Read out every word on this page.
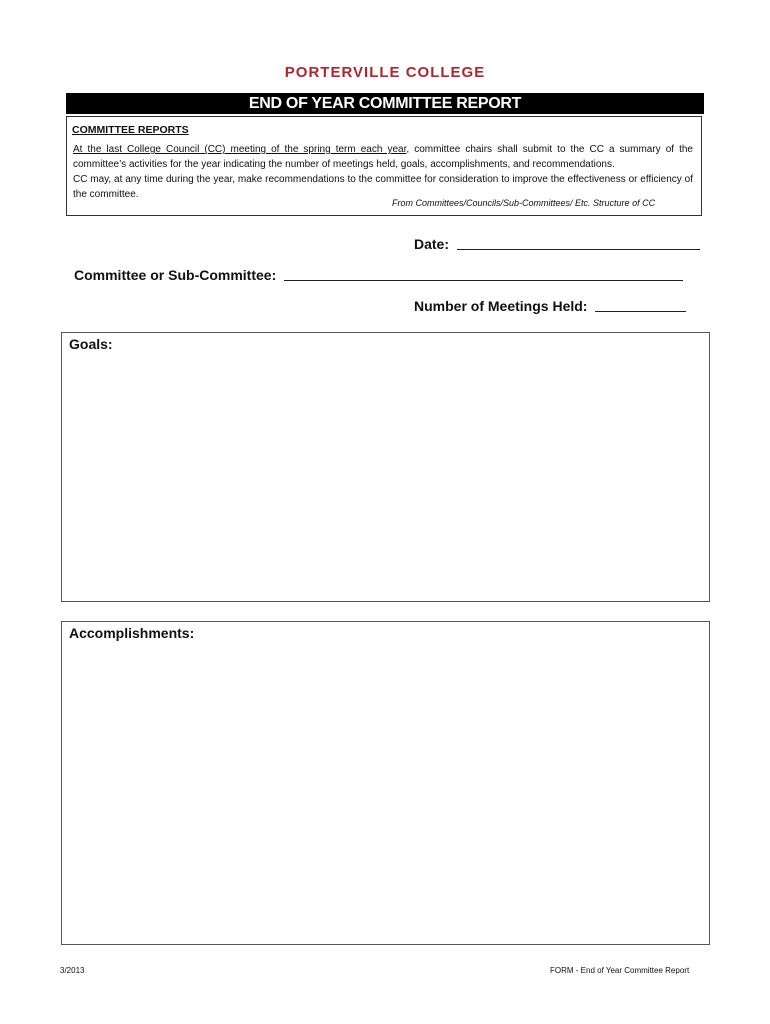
PORTERVILLE COLLEGE
END OF YEAR COMMITTEE REPORT
COMMITTEE REPORTS
At the last College Council (CC) meeting of the spring term each year, committee chairs shall submit to the CC a summary of the committee’s activities for the year indicating the number of meetings held, goals, accomplishments, and recommendations.
CC may, at any time during the year, make recommendations to the committee for consideration to improve the effectiveness or efficiency of the committee.
From Committees/Councils/Sub-Committees/ Etc. Structure of CC
Date:
Committee or Sub-Committee:
Number of Meetings Held:
Goals:
Accomplishments:
3/2013	FORM - End of Year Committee Report
